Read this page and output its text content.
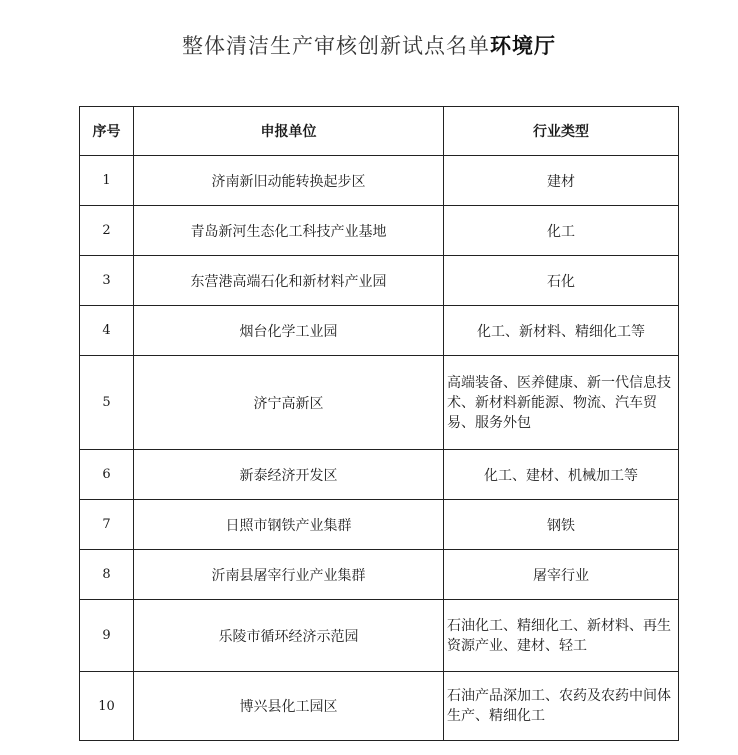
整体清洁生产审核创新试点名单环境厅
序号	申报单位	行业类型
1	济南新旧动能转换起步区	建材
2	青岛新河生态化工科技产业基地	化工
3	东营港高端石化和新材料产业园	石化
4	烟台化学工业园	化工、新材料、精细化工等
5	济宁高新区	高端装备、医养健康、新一代信息技术、新材料新能源、物流、汽车贸易、服务外包
6	新泰经济开发区	化工、建材、机械加工等
7	日照市钢铁产业集群	钢铁
8	沂南县屠宰行业产业集群	屠宰行业
9	乐陵市循环经济示范园	石油化工、精细化工、新材料、再生资源产业、建材、轻工
10	博兴县化工园区	石油产品深加工、农药及农药中间体生产、精细化工
